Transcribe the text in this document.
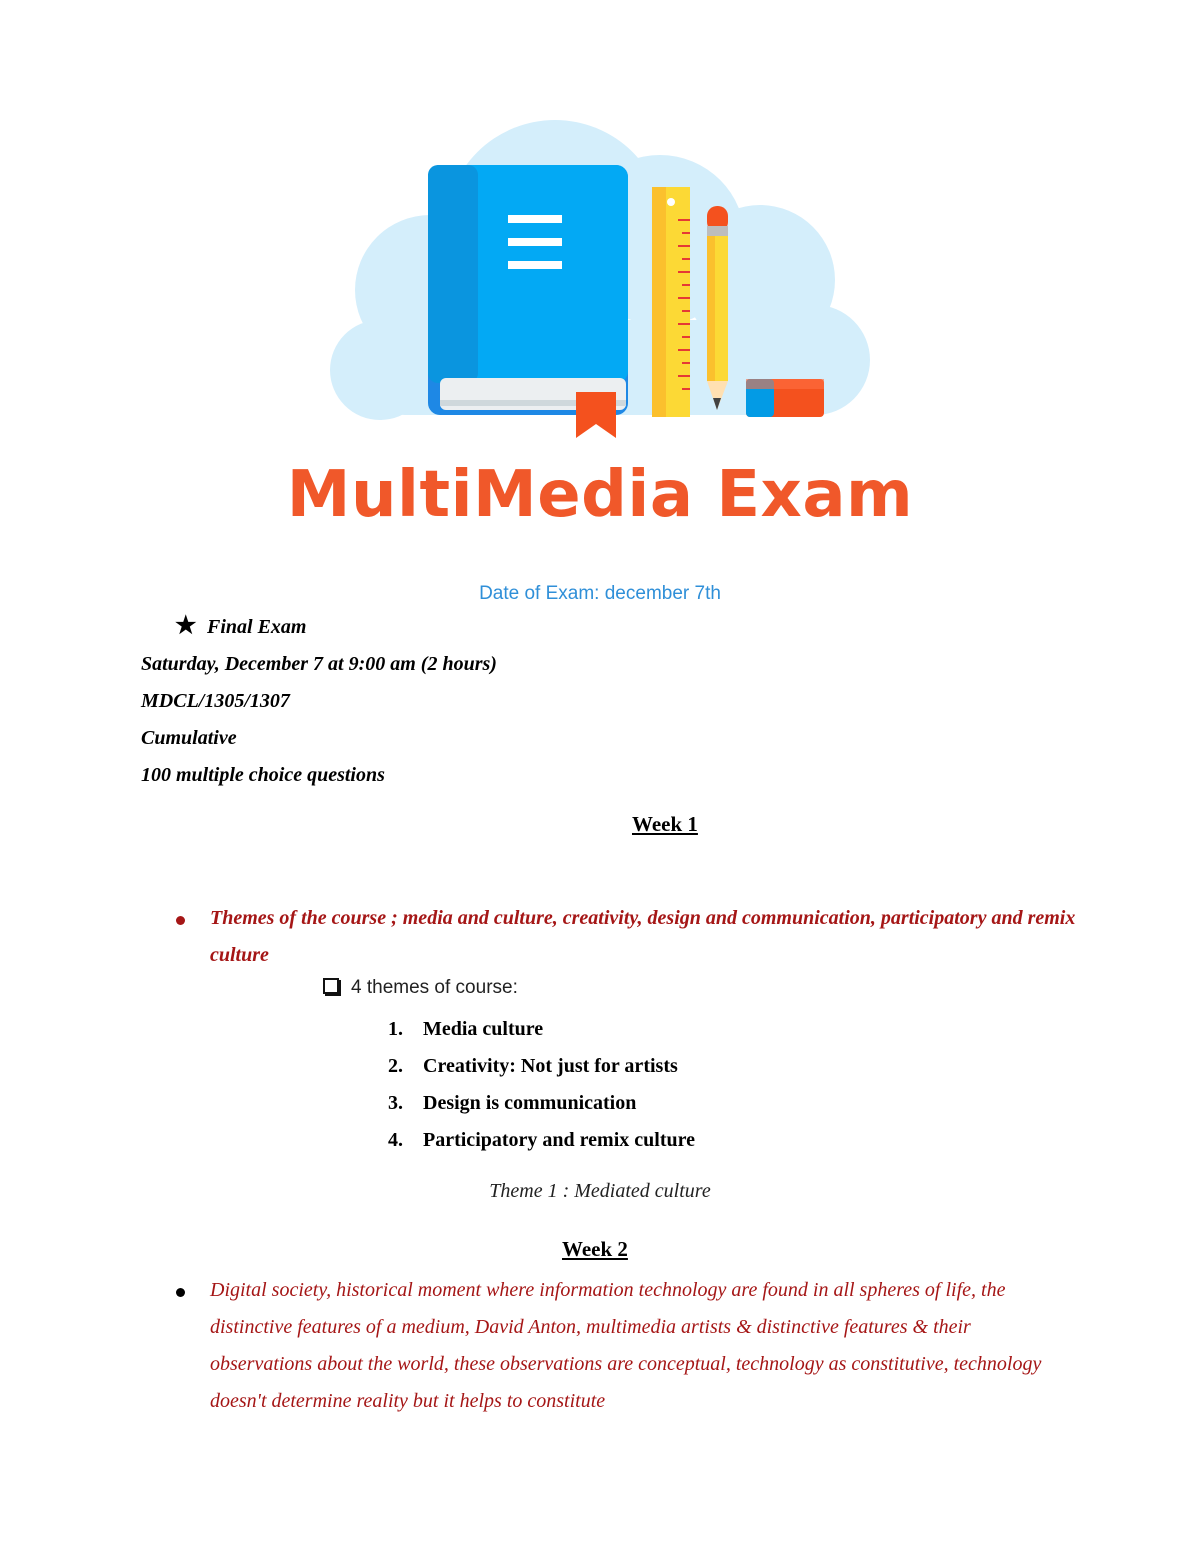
MultiMedia Exam
Date of Exam: december 7th
★ Final Exam
Saturday, December 7 at 9:00 am (2 hours)
MDCL/1305/1307
Cumulative
100 multiple choice questions
Week 1
Themes of the course ; media and culture, creativity, design and communication, participatory and remix culture
4 themes of course:
1. Media culture
2. Creativity: Not just for artists
3. Design is communication
4. Participatory and remix culture
Theme 1 : Mediated culture
Week 2
Digital society, historical moment where information technology are found in all spheres of life, the distinctive features of a medium, David Anton, multimedia artists & distinctive features & their observations about the world, these observations are conceptual, technology as constitutive, technology doesn't determine reality but it helps to constitute
